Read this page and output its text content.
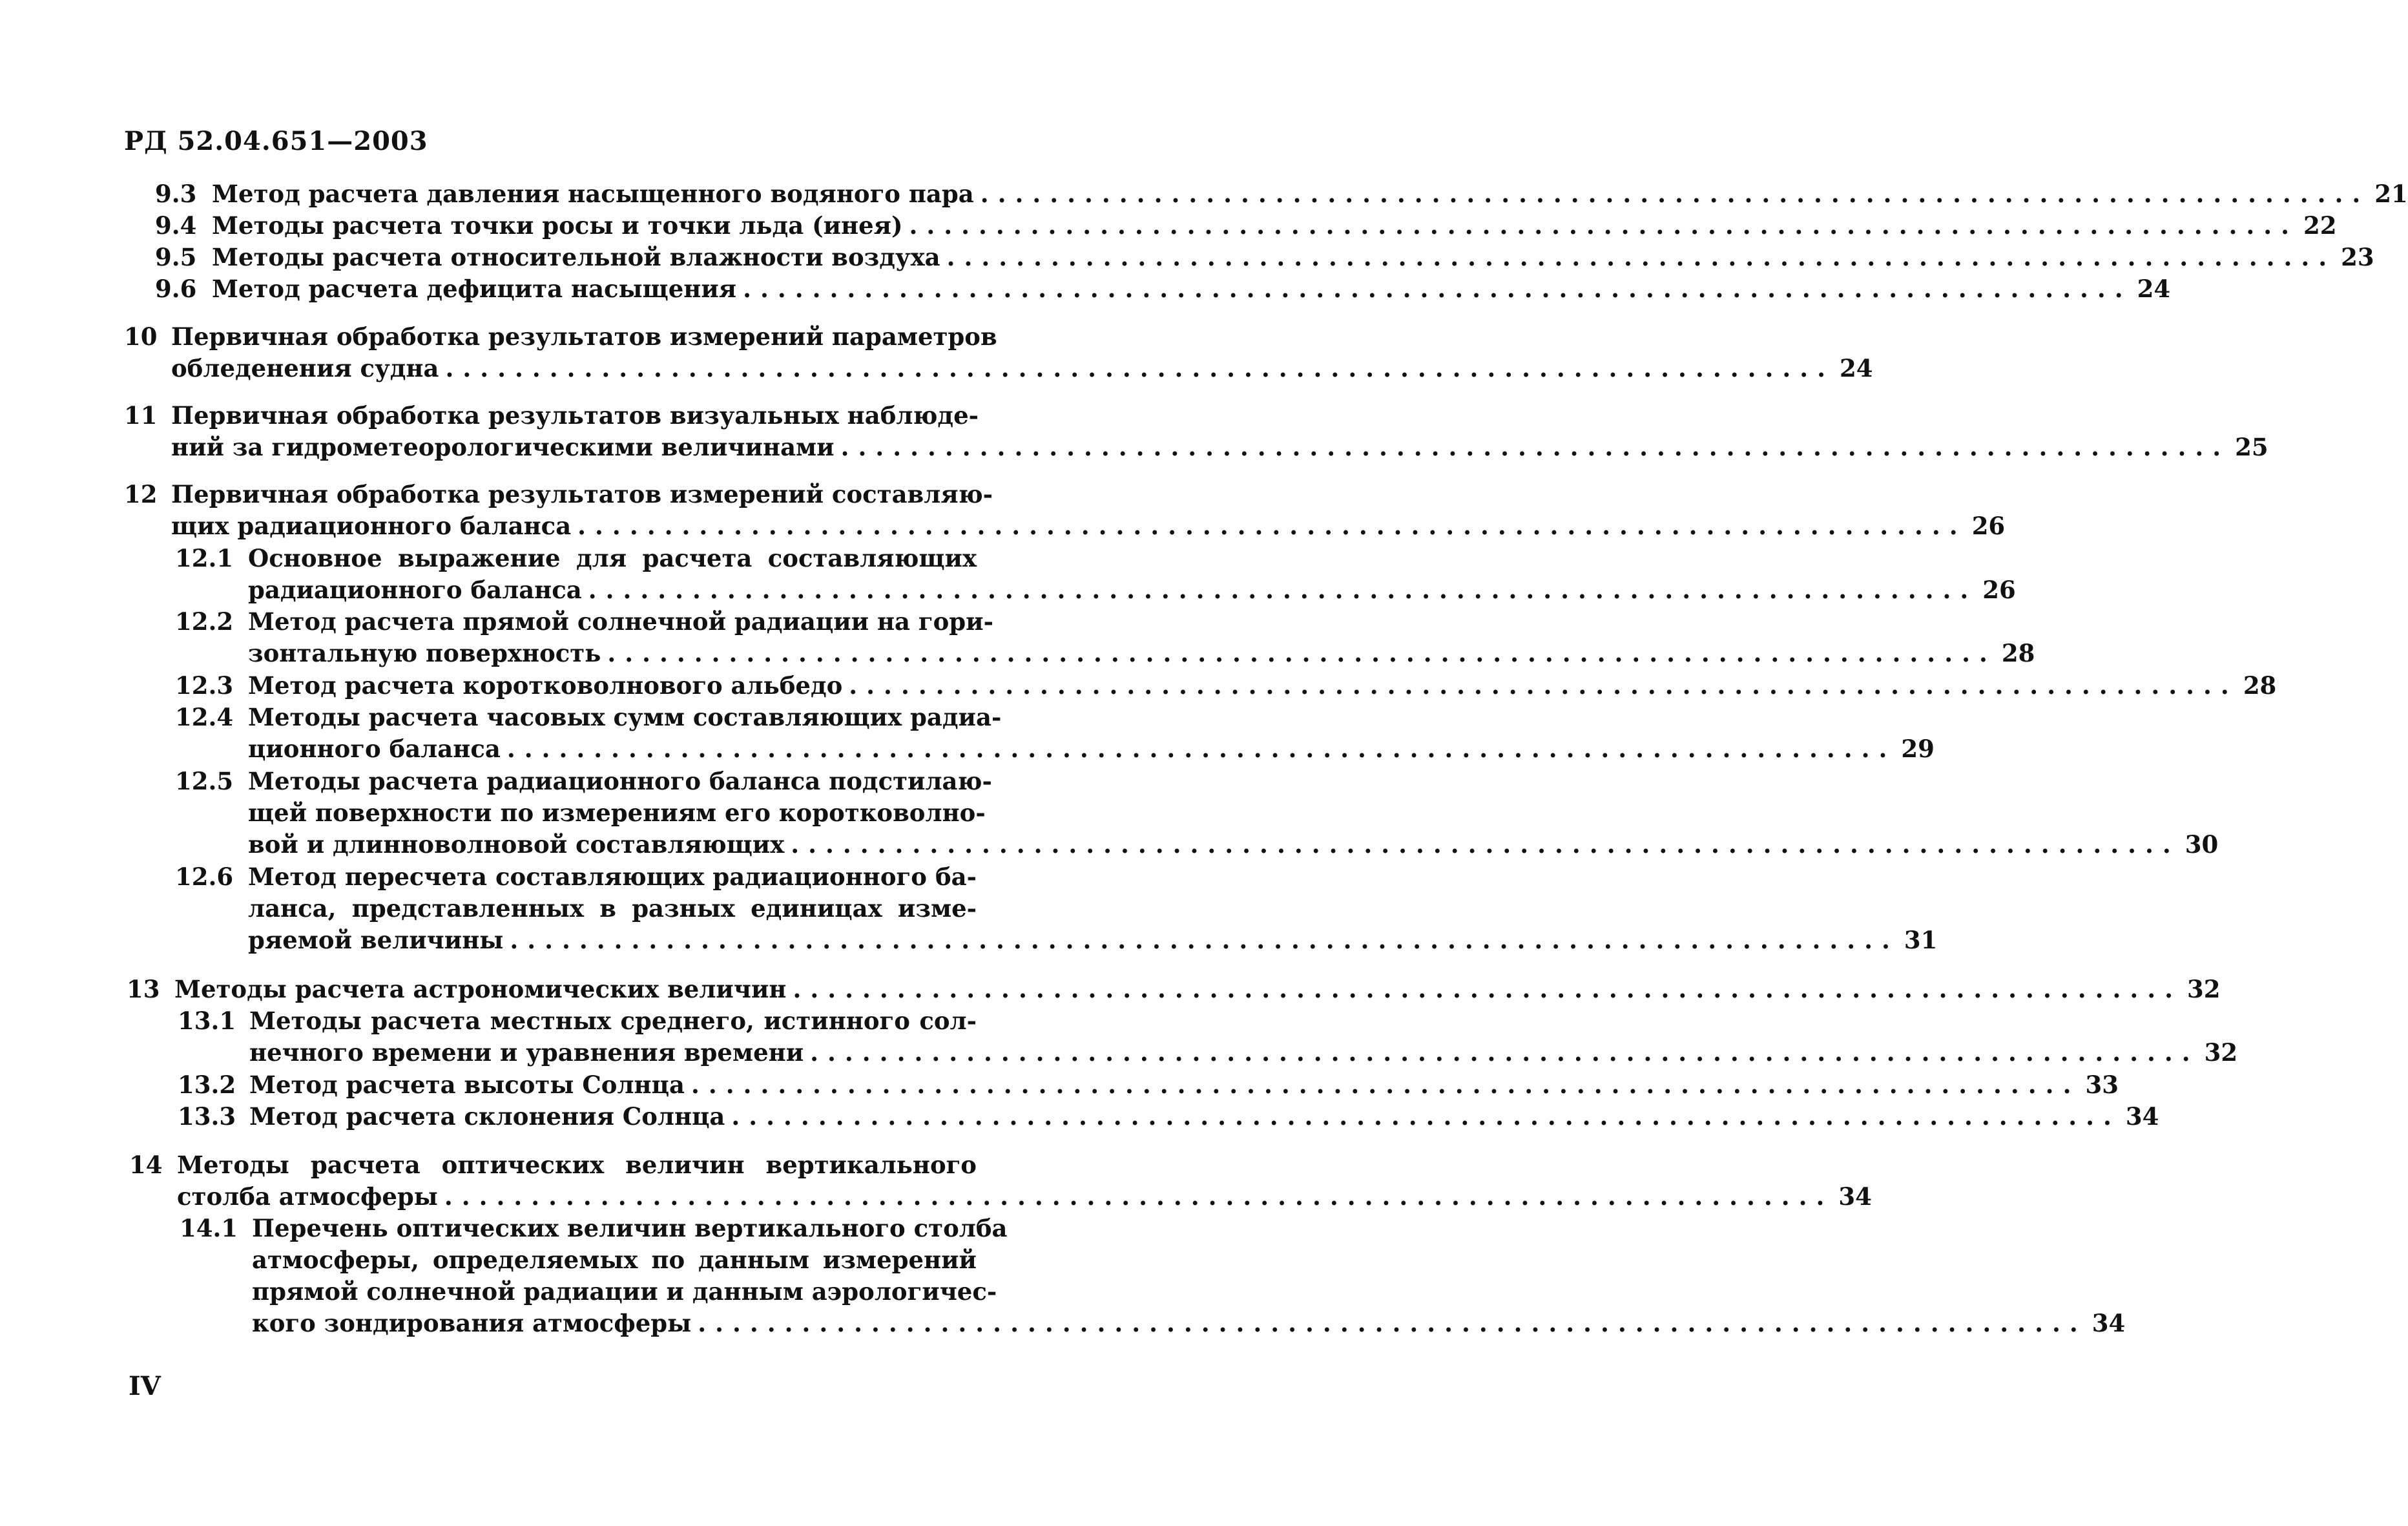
РД 52.04.651—2003
9.3 Метод расчета давления насыщенного водяного пара ................................................................................ 21
9.4 Методы расчета точки росы и точки льда (инея) ................................................................................ 22
9.5 Методы расчета относительной влажности воздуха ................................................................................ 23
9.6 Метод расчета дефицита насыщения ................................................................................ 24
10 Первичная обработка результатов измерений параметров
обледенения судна ................................................................................ 24
11 Первичная обработка результатов визуальных наблюде-
ний за гидрометеорологическими величинами ................................................................................ 25
12 Первичная обработка результатов измерений составляю-
щих радиационного баланса ................................................................................ 26
12.1 Основное выражение для расчета составляющих
радиационного баланса ................................................................................ 26
12.2 Метод расчета прямой солнечной радиации на гори-
зонтальную поверхность ................................................................................ 28
12.3 Метод расчета коротковолнового альбедо ................................................................................ 28
12.4 Методы расчета часовых сумм составляющих радиа-
ционного баланса ................................................................................ 29
12.5 Методы расчета радиационного баланса подстилаю-
щей поверхности по измерениям его коротковолно-
вой и длинноволновой составляющих ................................................................................ 30
12.6 Метод пересчета составляющих радиационного ба-
ланса, представленных в разных единицах изме-
ряемой величины ................................................................................ 31
13 Методы расчета астрономических величин ................................................................................ 32
13.1 Методы расчета местных среднего, истинного сол-
нечного времени и уравнения времени ................................................................................ 32
13.2 Метод расчета высоты Солнца ................................................................................ 33
13.3 Метод расчета склонения Солнца ................................................................................ 34
14 Методы расчета оптических величин вертикального
столба атмосферы ................................................................................ 34
14.1 Перечень оптических величин вертикального столба
атмосферы, определяемых по данным измерений
прямой солнечной радиации и данным аэрологичес-
кого зондирования атмосферы ................................................................................ 34
IV
